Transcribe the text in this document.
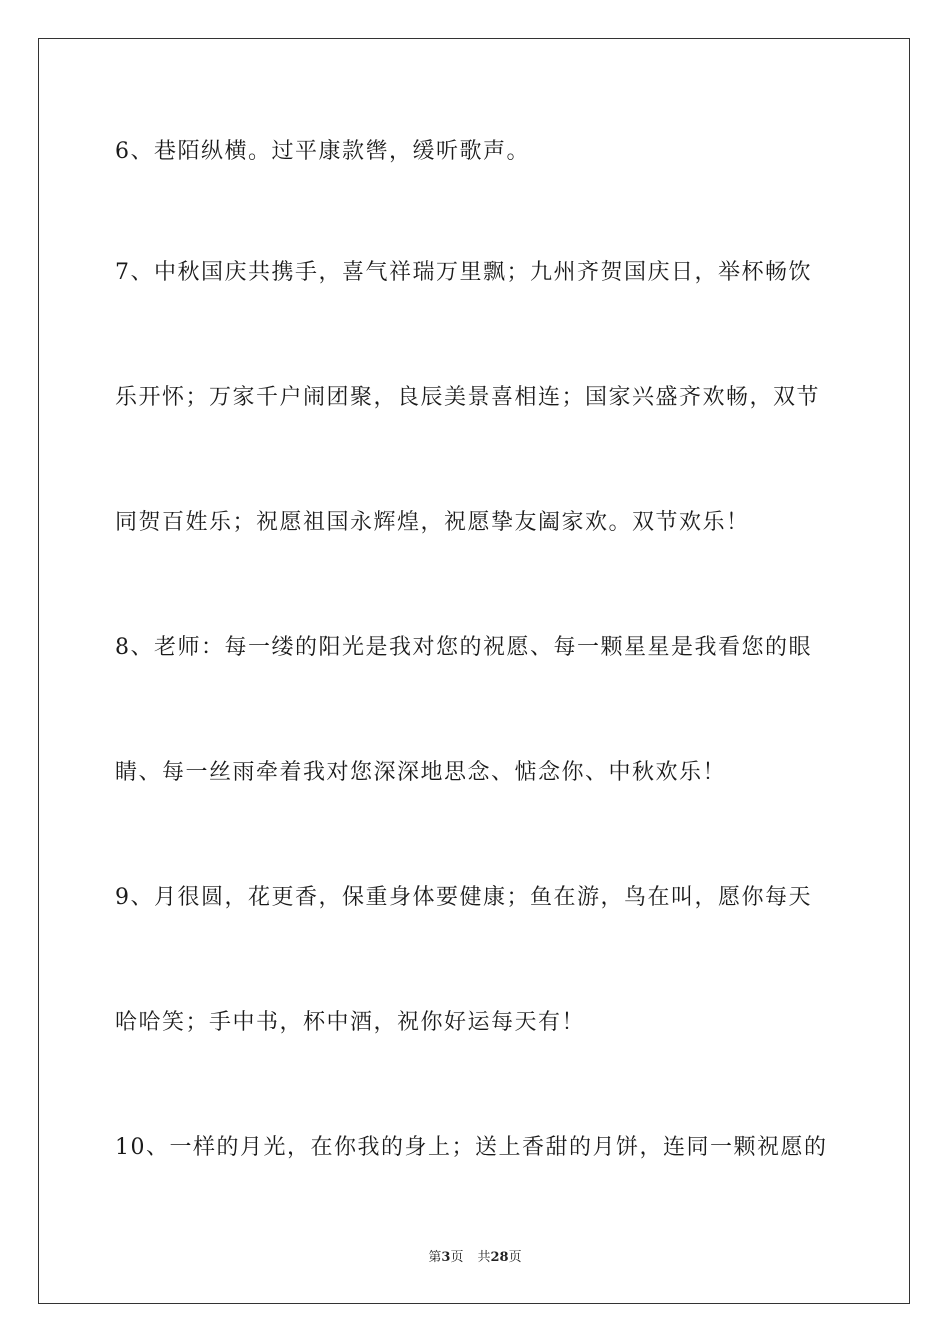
6、巷陌纵横。过平康款辔，缓听歌声。
7、中秋国庆共携手，喜气祥瑞万里飘；九州齐贺国庆日，举杯畅饮
乐开怀；万家千户闹团聚，良辰美景喜相连；国家兴盛齐欢畅，双节
同贺百姓乐；祝愿祖国永辉煌，祝愿挚友阖家欢。双节欢乐！
8、老师：每一缕的阳光是我对您的祝愿、每一颗星星是我看您的眼
睛、每一丝雨牵着我对您深深地思念、惦念你、中秋欢乐！
9、月很圆，花更香，保重身体要健康；鱼在游，鸟在叫，愿你每天
哈哈笑；手中书，杯中酒，祝你好运每天有！
10、一样的月光，在你我的身上；送上香甜的月饼，连同一颗祝愿的
第3页 共28页
